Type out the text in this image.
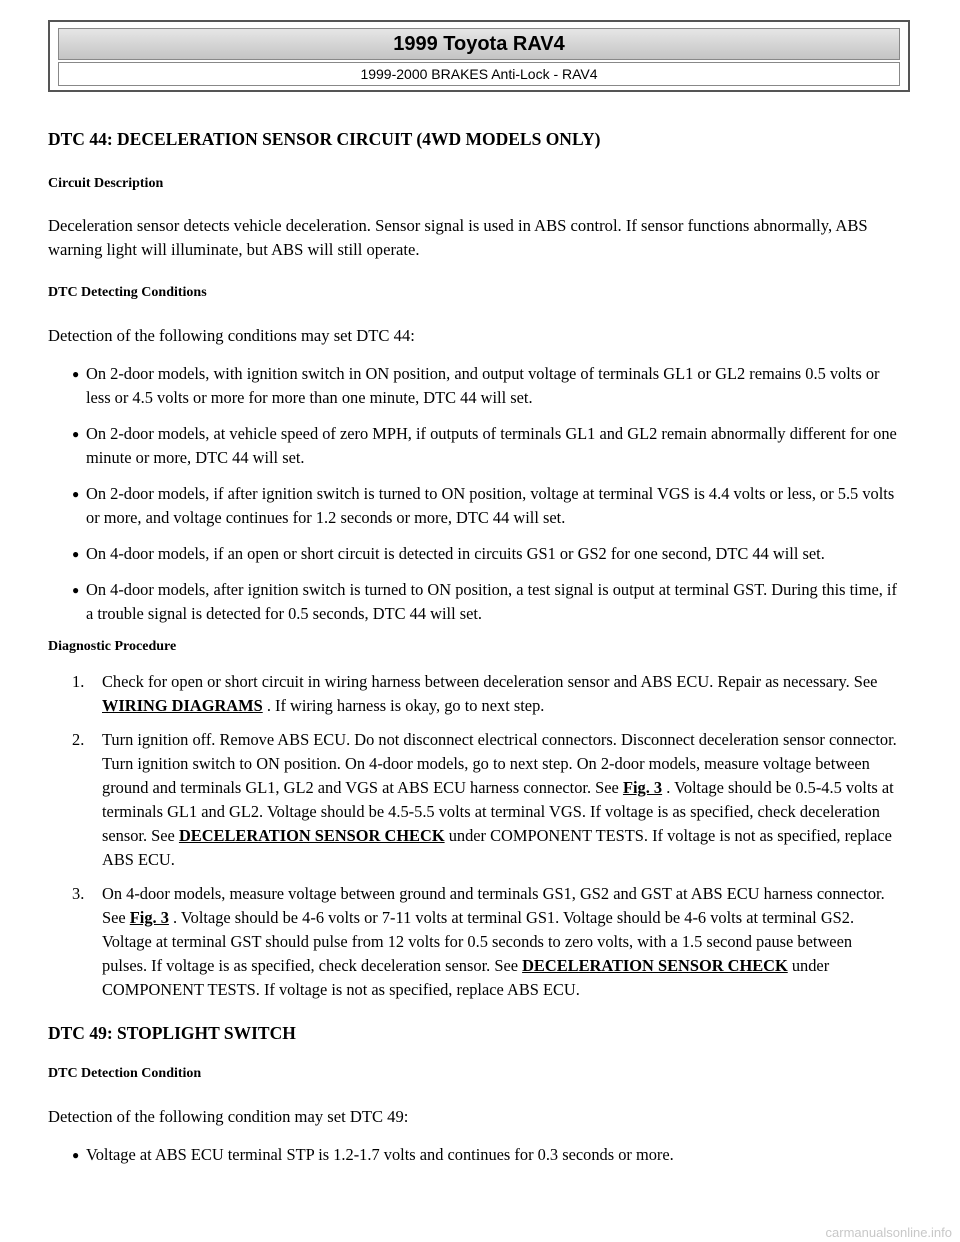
1999 Toyota RAV4
1999-2000 BRAKES Anti-Lock - RAV4

DTC 44: DECELERATION SENSOR CIRCUIT (4WD MODELS ONLY)

Circuit Description

Deceleration sensor detects vehicle deceleration. Sensor signal is used in ABS control. If sensor functions abnormally, ABS warning light will illuminate, but ABS will still operate.

DTC Detecting Conditions

Detection of the following conditions may set DTC 44:

● On 2-door models, with ignition switch in ON position, and output voltage of terminals GL1 or GL2 remains 0.5 volts or less or 4.5 volts or more for more than one minute, DTC 44 will set.
● On 2-door models, at vehicle speed of zero MPH, if outputs of terminals GL1 and GL2 remain abnormally different for one minute or more, DTC 44 will set.
● On 2-door models, if after ignition switch is turned to ON position, voltage at terminal VGS is 4.4 volts or less, or 5.5 volts or more, and voltage continues for 1.2 seconds or more, DTC 44 will set.
● On 4-door models, if an open or short circuit is detected in circuits GS1 or GS2 for one second, DTC 44 will set.
● On 4-door models, after ignition switch is turned to ON position, a test signal is output at terminal GST. During this time, if a trouble signal is detected for 0.5 seconds, DTC 44 will set.

Diagnostic Procedure

1. Check for open or short circuit in wiring harness between deceleration sensor and ABS ECU. Repair as necessary. See WIRING DIAGRAMS . If wiring harness is okay, go to next step.
2. Turn ignition off. Remove ABS ECU. Do not disconnect electrical connectors. Disconnect deceleration sensor connector. Turn ignition switch to ON position. On 4-door models, go to next step. On 2-door models, measure voltage between ground and terminals GL1, GL2 and VGS at ABS ECU harness connector. See Fig. 3 . Voltage should be 0.5-4.5 volts at terminals GL1 and GL2. Voltage should be 4.5-5.5 volts at terminal VGS. If voltage is as specified, check deceleration sensor. See DECELERATION SENSOR CHECK under COMPONENT TESTS. If voltage is not as specified, replace ABS ECU.
3. On 4-door models, measure voltage between ground and terminals GS1, GS2 and GST at ABS ECU harness connector. See Fig. 3 . Voltage should be 4-6 volts or 7-11 volts at terminal GS1. Voltage should be 4-6 volts at terminal GS2. Voltage at terminal GST should pulse from 12 volts for 0.5 seconds to zero volts, with a 1.5 second pause between pulses. If voltage is as specified, check deceleration sensor. See DECELERATION SENSOR CHECK under COMPONENT TESTS. If voltage is not as specified, replace ABS ECU.

DTC 49: STOPLIGHT SWITCH

DTC Detection Condition

Detection of the following condition may set DTC 49:

● Voltage at ABS ECU terminal STP is 1.2-1.7 volts and continues for 0.3 seconds or more.
carmanualsonline.info
